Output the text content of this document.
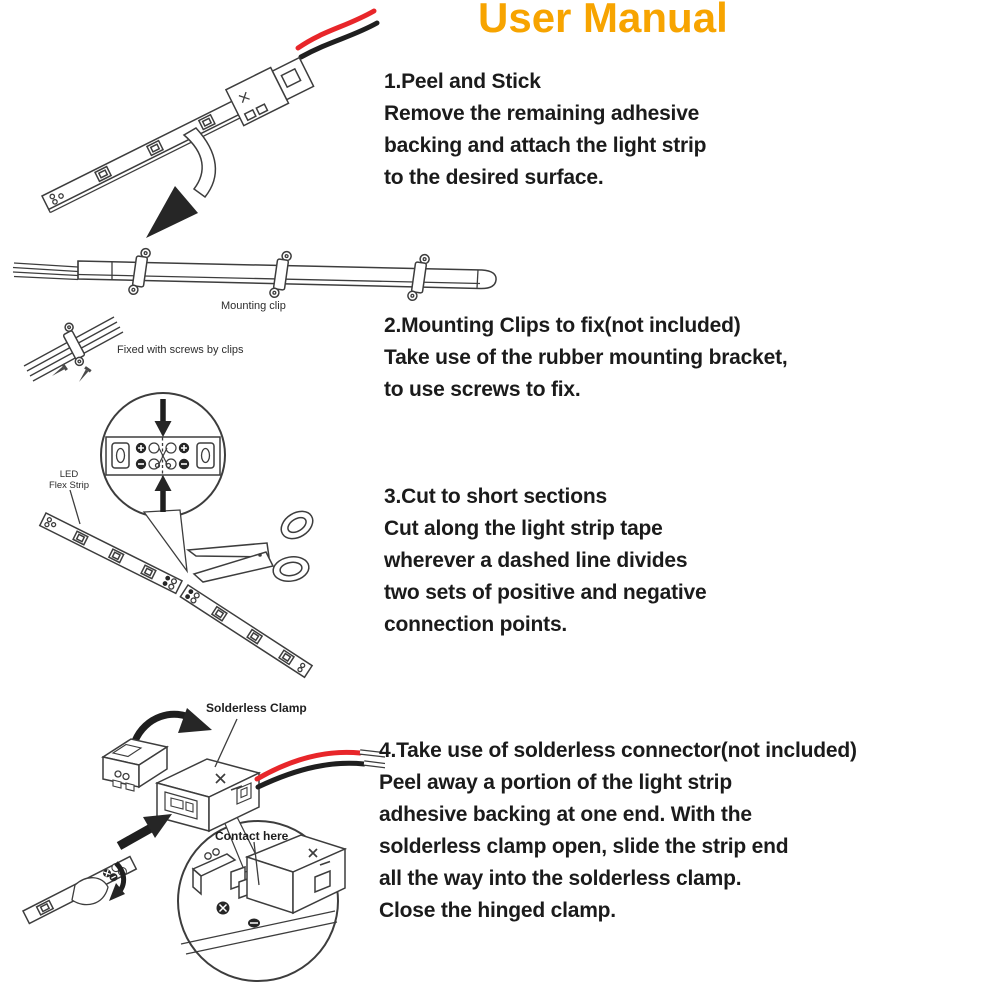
User Manual
Mounting clip
Fixed with screws by clips
LED
Flex Strip
Solderless Clamp
Contact here
1.Peel and Stick
Remove the remaining adhesive
backing and attach the light strip
to the desired surface.
2.Mounting Clips to fix(not included)
Take use of the rubber mounting bracket,
to use screws to fix.
3.Cut to short sections
Cut along the light strip tape
wherever a dashed line divides
two sets of positive and negative
connection points.
4.Take use of solderless connector(not included)
Peel away a portion of the light strip
adhesive backing at one end. With the
solderless clamp open, slide the strip end
all the way into the solderless clamp.
Close the hinged clamp.
